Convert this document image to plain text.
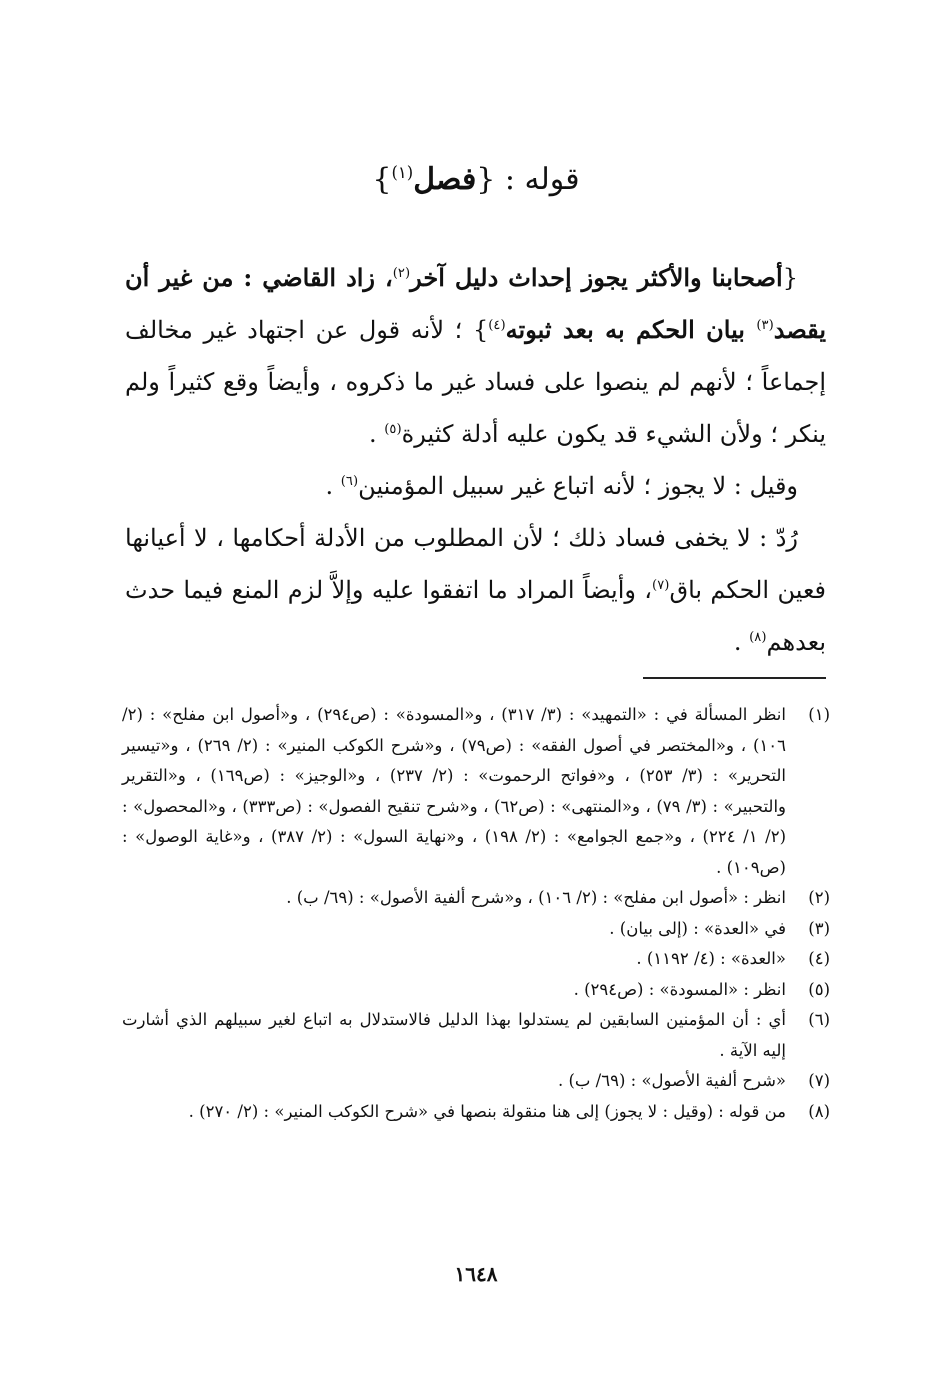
قوله : {فصل$^{(١)}$}

{أصحابنا والأكثر يجوز إحداث دليل آخر$^{(٢)}$، زاد القاضي : من غير أن يقصد$^{(٣)}$ بيان الحكم به بعد ثبوته$^{(٤)}$} ؛ لأنه قول عن اجتهاد غير مخالف إجماعاً ؛ لأنهم لم ينصوا على فساد غير ما ذكروه ، وأيضاً وقع كثيراً ولم ينكر ؛ ولأن الشيء قد يكون عليه أدلة كثيرة$^{(٥)}$ .

وقيل : لا يجوز ؛ لأنه اتباع غير سبيل المؤمنين$^{(٦)}$ .

رُدّ : لا يخفى فساد ذلك ؛ لأن المطلوب من الأدلة أحكامها ، لا أعيانها فعين الحكم باق$^{(٧)}$، وأيضاً المراد ما اتفقوا عليه وإلاَّ لزم المنع فيما حدث بعدهم$^{(٨)}$ .

(١)
انظر المسألة في : «التمهيد» : (٣/ ٣١٧) ، و«المسودة» : (ص٢٩٤) ، و«أصول ابن مفلح» : (٢/ ١٠٦) ، و«المختصر في أصول الفقه» : (ص٧٩) ، و«شرح الكوكب المنير» : (٢/ ٢٦٩) ، و«تيسير التحرير» : (٣/ ٢٥٣) ، و«فواتح الرحموت» : (٢/ ٢٣٧) ، و«الوجيز» : (ص١٦٩) ، و«التقرير والتحبير» : (٣/ ٧٩) ، و«المنتهى» : (ص٦٢) ، و«شرح تنقيح الفصول» : (ص٣٣٣) ، و«المحصول» : (٢/ ١/ ٢٢٤) ، و«جمع الجوامع» : (٢/ ١٩٨) ، و«نهاية السول» : (٢/ ٣٨٧) ، و«غاية الوصول» : (ص١٠٩) .
(٢)
انظر : «أصول ابن مفلح» : (٢/ ١٠٦) ، و«شرح ألفية الأصول» : (٦٩/ ب) .
(٣)
في «العدة» : (إلى بيان) .
(٤)
«العدة» : (٤/ ١١٩٢) .
(٥)
انظر : «المسودة» : (ص٢٩٤) .
(٦)
أي : أن المؤمنين السابقين لم يستدلوا بهذا الدليل فالاستدلال به اتباع لغير سبيلهم الذي أشارت إليه الآية .
(٧)
«شرح ألفية الأصول» : (٦٩/ ب) .
(٨)
من قوله : (وقيل : لا يجوز) إلى هنا منقولة بنصها في «شرح الكوكب المنير» : (٢/ ٢٧٠) .
١٦٤٨
